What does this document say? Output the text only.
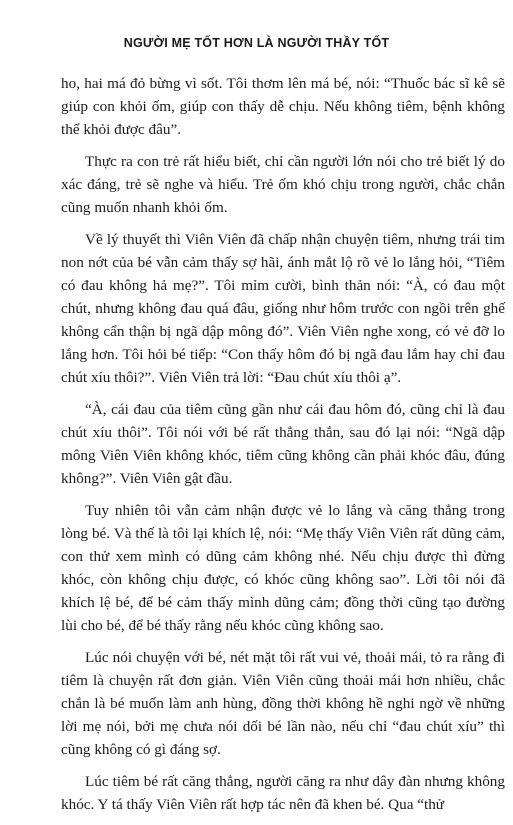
NGƯỜI MẸ TỐT HƠN LÀ NGƯỜI THẦY TỐT

ho, hai má đỏ bừng vì sốt. Tôi thơm lên má bé, nói: “Thuốc bác sĩ kê sẽ giúp con khỏi ốm, giúp con thấy dễ chịu. Nếu không tiêm, bệnh không thể khỏi được đâu”.

Thực ra con trẻ rất hiểu biết, chỉ cần người lớn nói cho trẻ biết lý do xác đáng, trẻ sẽ nghe và hiểu. Trẻ ốm khó chịu trong người, chắc chắn cũng muốn nhanh khỏi ốm.

Về lý thuyết thì Viên Viên đã chấp nhận chuyện tiêm, nhưng trái tim non nớt của bé vẫn cảm thấy sợ hãi, ánh mắt lộ rõ vẻ lo lắng hỏi, “Tiêm có đau không hả mẹ?”. Tôi mỉm cười, bình thản nói: “À, có đau một chút, nhưng không đau quá đâu, giống như hôm trước con ngồi trên ghế không cẩn thận bị ngã dập mông đó”. Viên Viên nghe xong, có vẻ đỡ lo lắng hơn. Tôi hỏi bé tiếp: “Con thấy hôm đó bị ngã đau lắm hay chỉ đau chút xíu thôi?”. Viên Viên trả lời: “Đau chút xíu thôi ạ”.

“À, cái đau của tiêm cũng gần như cái đau hôm đó, cũng chỉ là đau chút xíu thôi”. Tôi nói với bé rất thẳng thắn, sau đó lại nói: “Ngã dập mông Viên Viên không khóc, tiêm cũng không cần phải khóc đâu, đúng không?”. Viên Viên gật đầu.

Tuy nhiên tôi vẫn cảm nhận được vẻ lo lắng và căng thẳng trong lòng bé. Và thế là tôi lại khích lệ, nói: “Mẹ thấy Viên Viên rất dũng cảm, con thử xem mình có dũng cảm không nhé. Nếu chịu được thì đừng khóc, còn không chịu được, có khóc cũng không sao”. Lời tôi nói đã khích lệ bé, để bé cảm thấy mình dũng cảm; đồng thời cũng tạo đường lùi cho bé, để bé thấy rằng nếu khóc cũng không sao.

Lúc nói chuyện với bé, nét mặt tôi rất vui vẻ, thoải mái, tỏ ra rằng đi tiêm là chuyện rất đơn giản. Viên Viên cũng thoải mái hơn nhiều, chắc chắn là bé muốn làm anh hùng, đồng thời không hề nghi ngờ về những lời mẹ nói, bởi mẹ chưa nói dối bé lần nào, nếu chỉ “đau chút xíu” thì cũng không có gì đáng sợ.

Lúc tiêm bé rất căng thẳng, người căng ra như dây đàn nhưng không khóc. Y tá thấy Viên Viên rất hợp tác nên đã khen bé. Qua “thử
